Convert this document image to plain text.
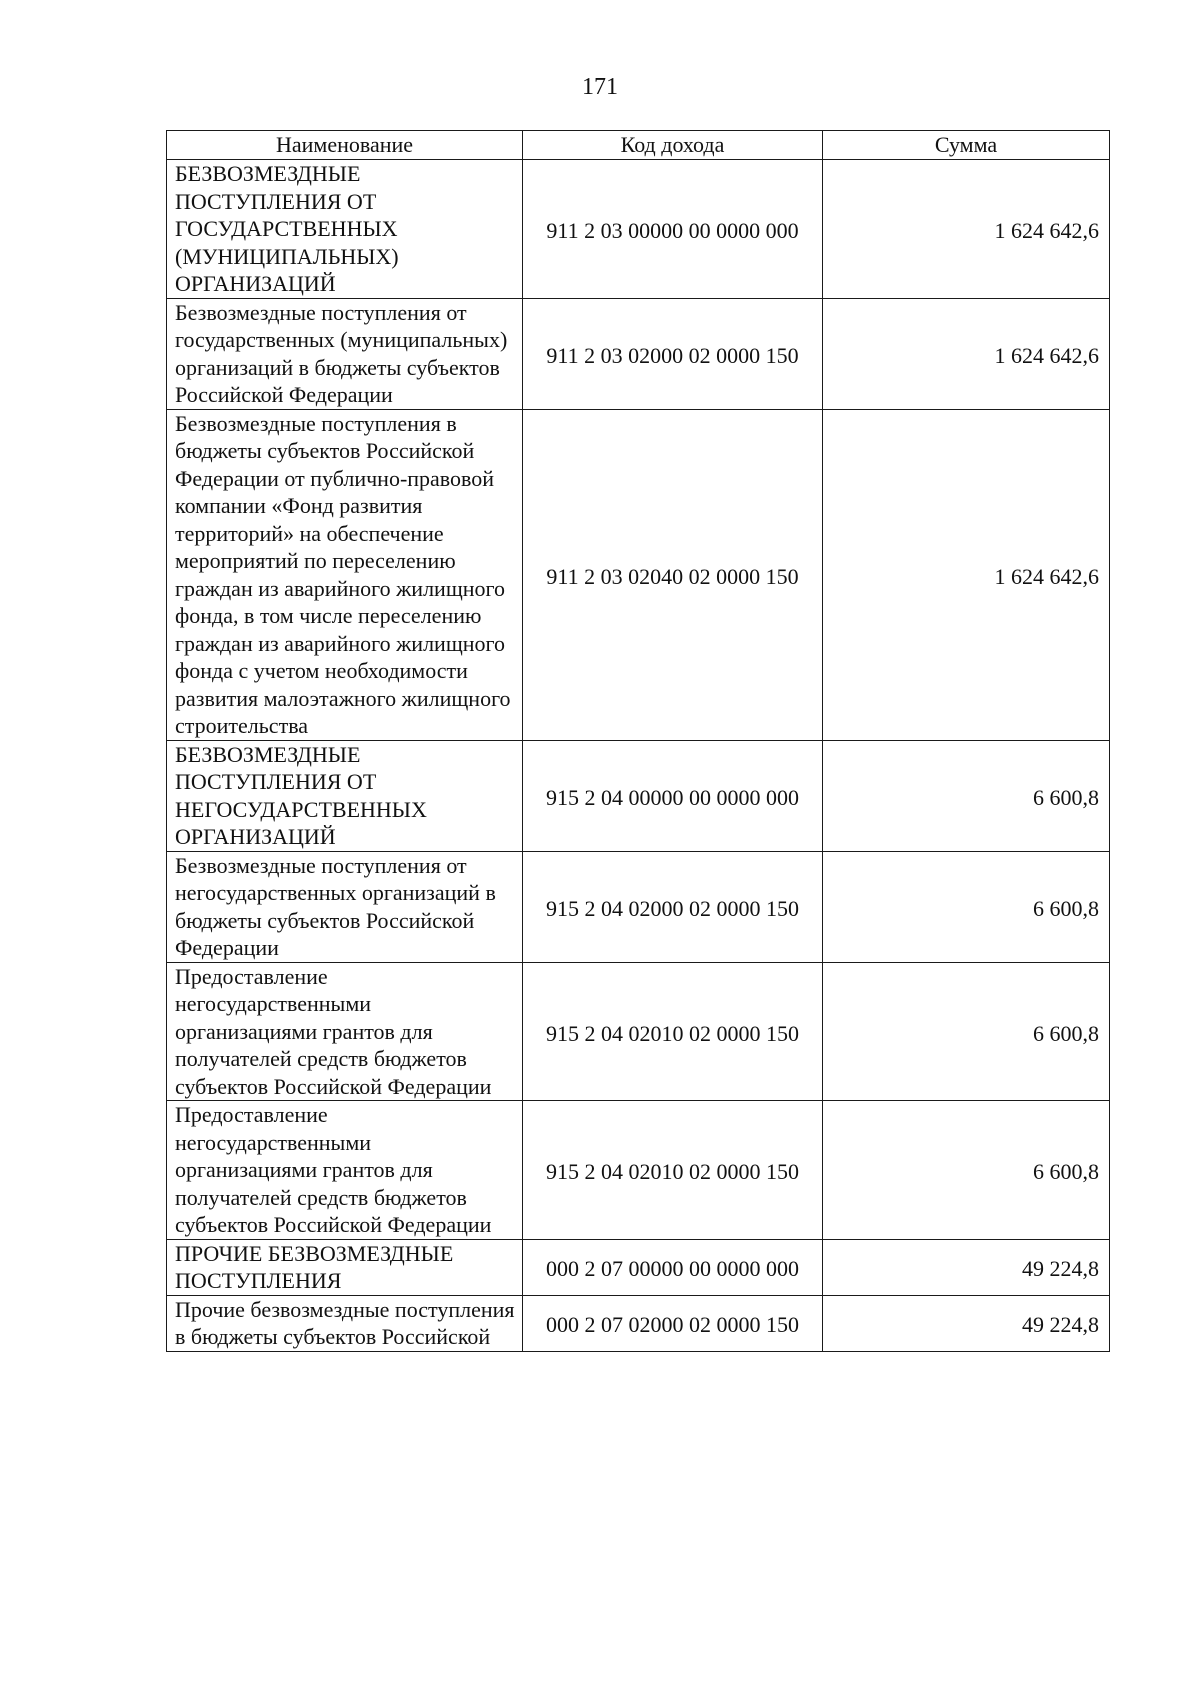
171
Наименование	Код дохода	Сумма
БЕЗВОЗМЕЗДНЫЕ ПОСТУПЛЕНИЯ ОТ ГОСУДАРСТВЕННЫХ (МУНИЦИПАЛЬНЫХ) ОРГАНИЗАЦИЙ	911 2 03 00000 00 0000 000	1 624 642,6
Безвозмездные поступления от государственных (муниципальных) организаций в бюджеты субъектов Российской Федерации	911 2 03 02000 02 0000 150	1 624 642,6
Безвозмездные поступления в бюджеты субъектов Российской Федерации от публично-правовой компании «Фонд развития территорий» на обеспечение мероприятий по переселению граждан из аварийного жилищного фонда, в том числе переселению граждан из аварийного жилищного фонда с учетом необходимости развития малоэтажного жилищного строительства	911 2 03 02040 02 0000 150	1 624 642,6
БЕЗВОЗМЕЗДНЫЕ ПОСТУПЛЕНИЯ ОТ НЕГОСУДАРСТВЕННЫХ ОРГАНИЗАЦИЙ	915 2 04 00000 00 0000 000	6 600,8
Безвозмездные поступления от негосударственных организаций в бюджеты субъектов Российской Федерации	915 2 04 02000 02 0000 150	6 600,8
Предоставление негосударственными организациями грантов для получателей средств бюджетов субъектов Российской Федерации	915 2 04 02010 02 0000 150	6 600,8
Предоставление негосударственными организациями грантов для получателей средств бюджетов субъектов Российской Федерации	915 2 04 02010 02 0000 150	6 600,8
ПРОЧИЕ БЕЗВОЗМЕЗДНЫЕ ПОСТУПЛЕНИЯ	000 2 07 00000 00 0000 000	49 224,8
Прочие безвозмездные поступления в бюджеты субъектов Российской	000 2 07 02000 02 0000 150	49 224,8
